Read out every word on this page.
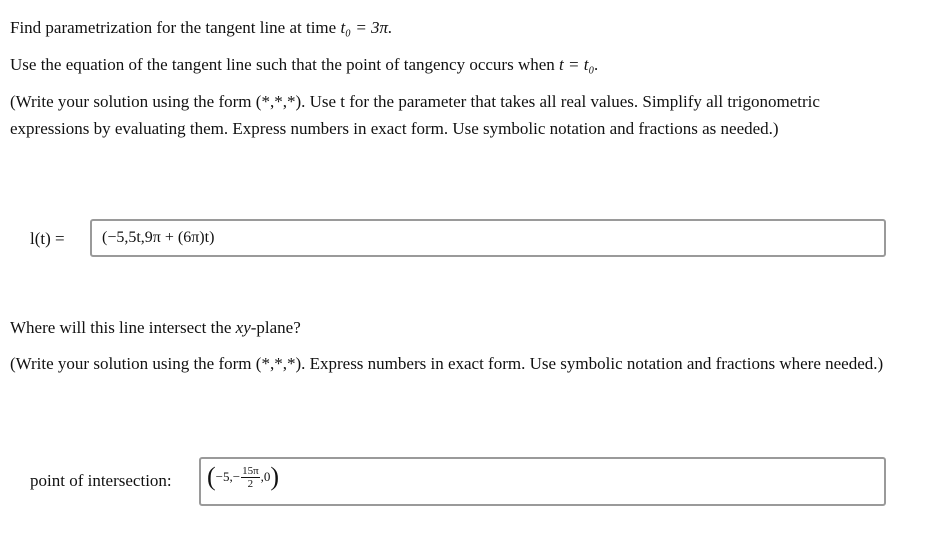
Find parametrization for the tangent line at time t₀ = 3π.
Use the equation of the tangent line such that the point of tangency occurs when t = t₀.
(Write your solution using the form (*,*,*). Use t for the parameter that takes all real values. Simplify all trigonometric
expressions by evaluating them. Express numbers in exact form. Use symbolic notation and fractions as needed.)
l(t) = (−5,5t,9π + (6π)t)
Where will this line intersect the xy-plane?
(Write your solution using the form (*,*,*). Express numbers in exact form. Use symbolic notation and fractions where needed.)
point of intersection: $(-5,- \frac{15\pi}{2} ,0)$
